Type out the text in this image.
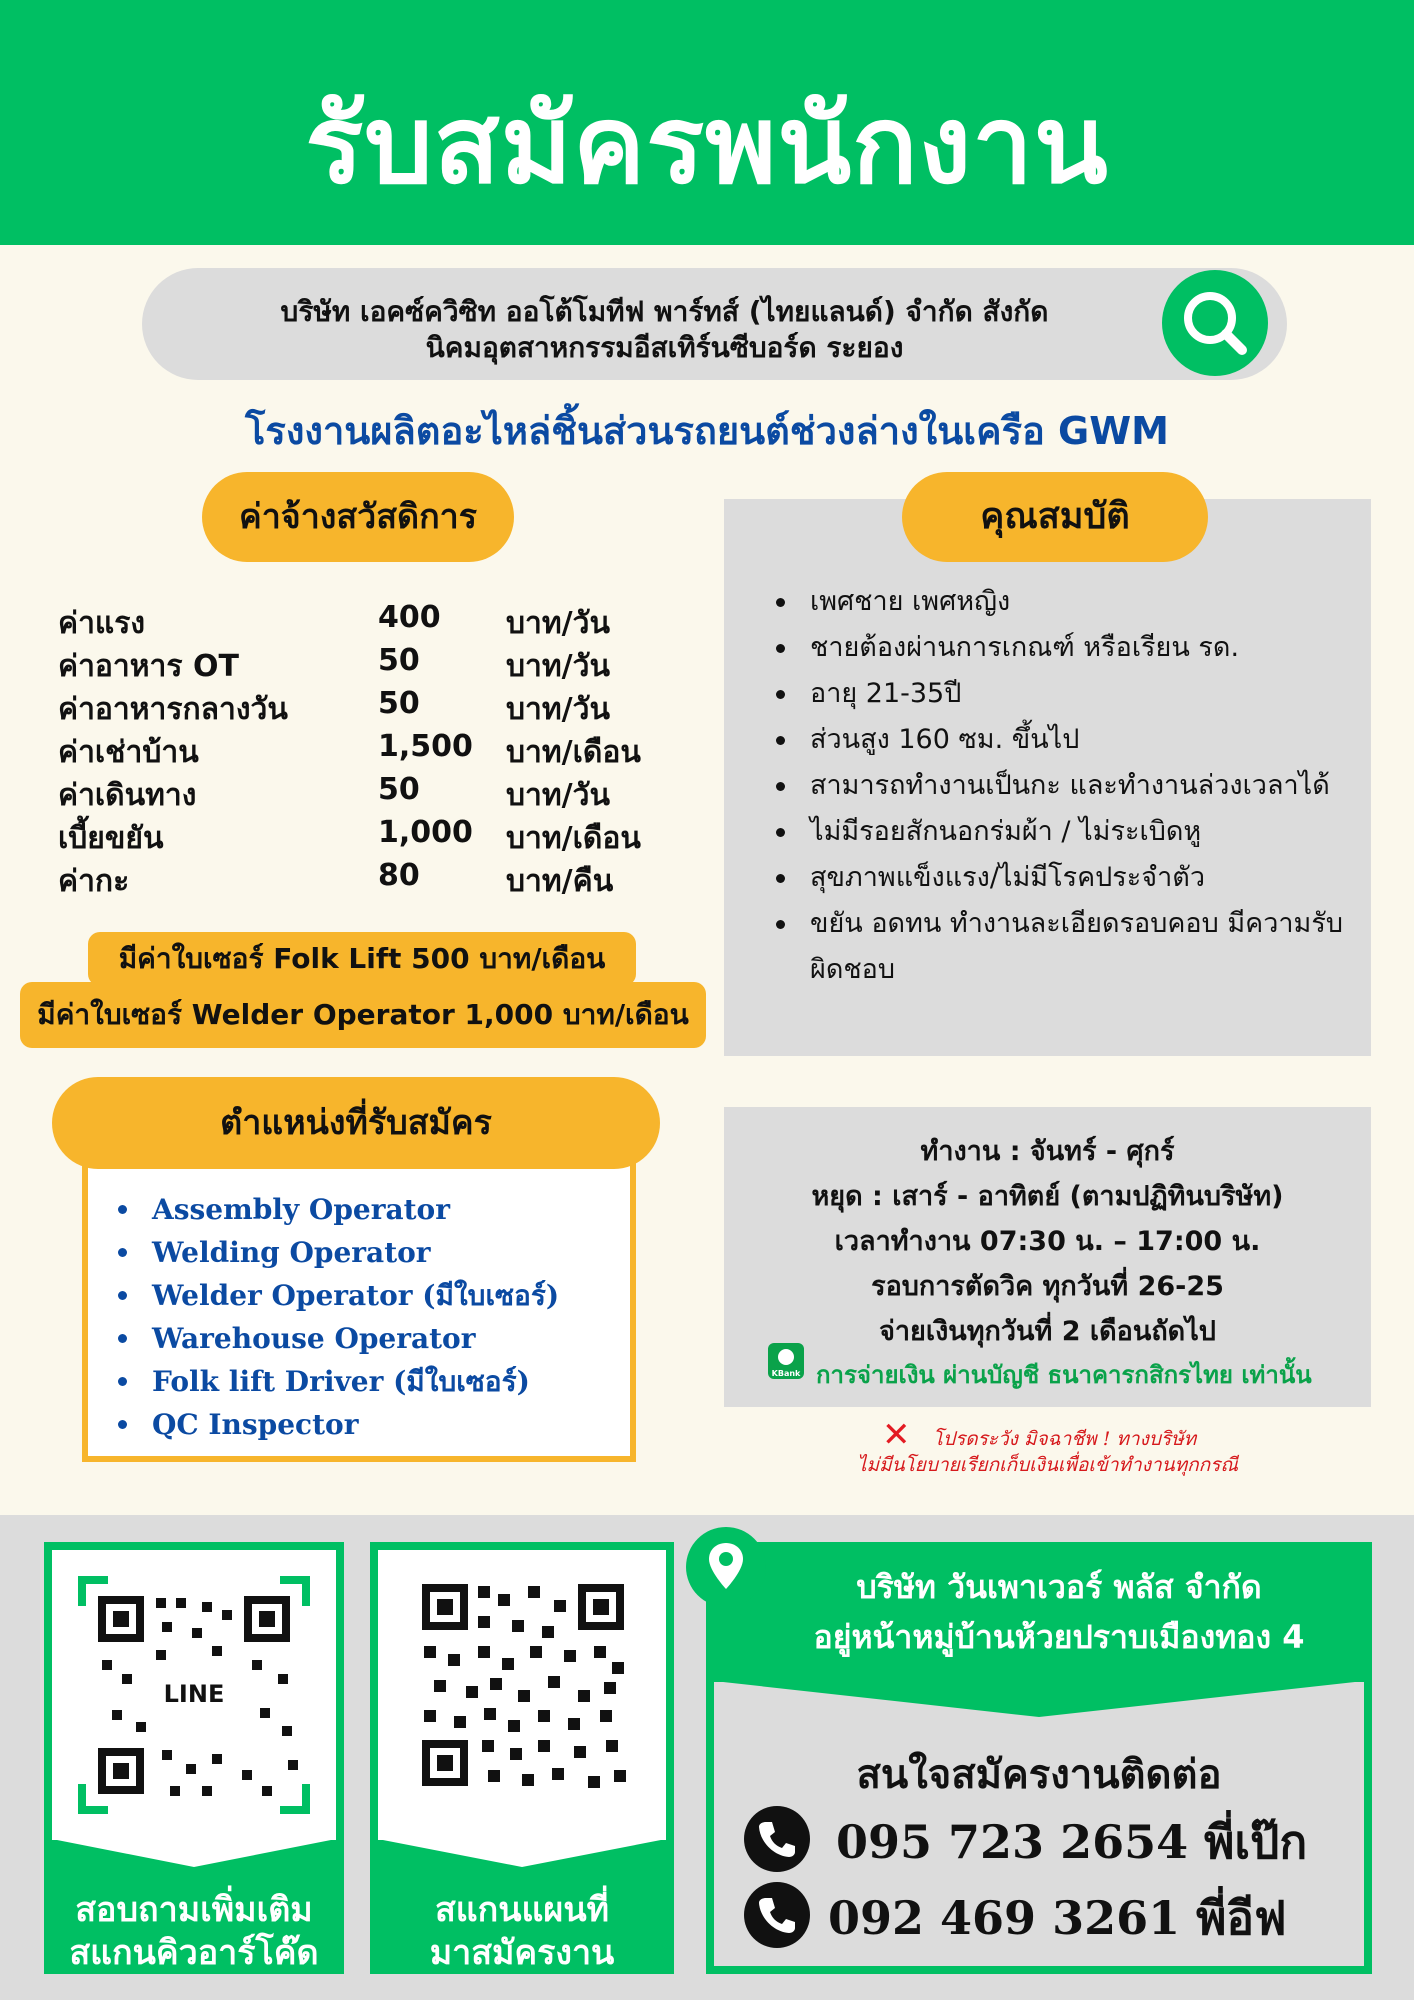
รับสมัครพนักงาน
บริษัท เอคซ์ควิซิท ออโต้โมทีฟ พาร์ทส์ (ไทยแลนด์) จำกัด สังกัด
นิคมอุตสาหกรรมอีสเทิร์นซีบอร์ด ระยอง
โรงงานผลิตอะไหล่ชิ้นส่วนรถยนต์ช่วงล่างในเครือ GWM
ค่าจ้างสวัสดิการ
ค่าแรง	400 บาท/วัน
ค่าอาหาร OT	50	บาท/วัน
ค่าอาหารกลางวัน	50	บาท/วัน
ค่าเช่าบ้าน	1,500 บาท/เดือน
ค่าเดินทาง	50	บาท/วัน
เบี้ยขยัน	1,000 บาท/เดือน
ค่ากะ	80	บาท/คืน
มีค่าใบเซอร์ Folk Lift 500 บาท/เดือน
มีค่าใบเซอร์ Welder Operator 1,000 บาท/เดือน
เพศชาย เพศหญิง
ชายต้องผ่านการเกณฑ์ หรือเรียน รด.
อายุ 21-35ปี
ส่วนสูง 160 ซม. ขึ้นไป
สามารถทำงานเป็นกะ และทำงานล่วงเวลาได้
ไม่มีรอยสักนอกร่มผ้า / ไม่ระเบิดหู
สุขภาพแข็งแรง/ไม่มีโรคประจำตัว
ขยัน อดทน ทำงานละเอียดรอบคอบ มีความรับผิดชอบ
คุณสมบัติ
Assembly Operator
Welding Operator
Welder Operator (มีใบเซอร์)
Warehouse Operator
Folk lift Driver (มีใบเซอร์)
QC Inspector
ตำแหน่งที่รับสมัคร
ทำงาน : จันทร์ - ศุกร์
หยุด : เสาร์ - อาทิตย์ (ตามปฏิทินบริษัท)
เวลาทำงาน 07:30 น. – 17:00 น.
รอบการตัดวิค ทุกวันที่ 26-25
จ่ายเงินทุกวันที่ 2 เดือนถัดไป
KBank การจ่ายเงิน ผ่านบัญชี ธนาคารกสิกรไทย เท่านั้น
✕	โปรดระวัง มิจฉาชีพ ! ทางบริษัท
ไม่มีนโยบายเรียกเก็บเงินเพื่อเข้าทำงานทุกกรณี
LINE
สอบถามเพิ่มเติม
สแกนคิวอาร์โค๊ด
สแกนแผนที่
มาสมัครงาน
บริษัท วันเพาเวอร์ พลัส จำกัด
อยู่หน้าหมู่บ้านห้วยปราบเมืองทอง 4
สนใจสมัครงานติดต่อ
095 723 2654 พี่เป๊ก
092 469 3261 พี่อีฟ
